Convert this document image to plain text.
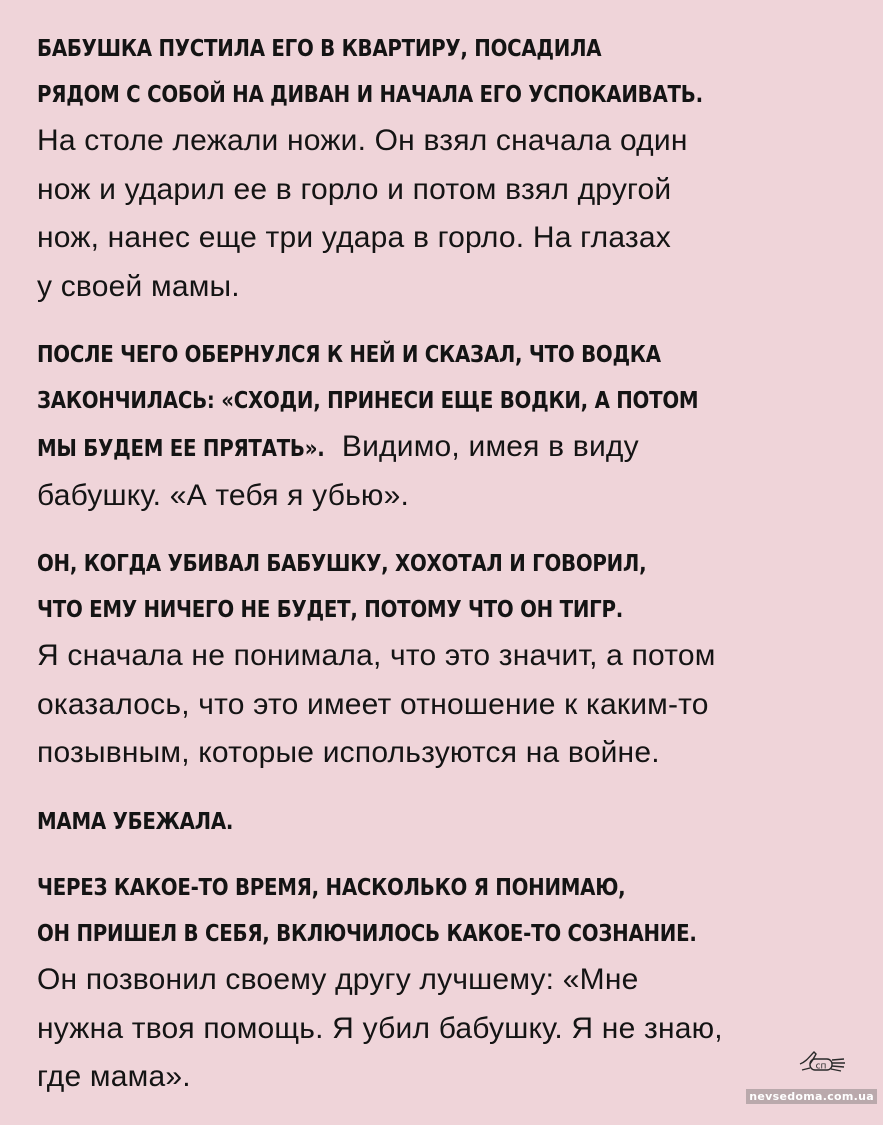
БАБУШКА ПУСТИЛА ЕГО В КВАРТИРУ, ПОСАДИЛА
РЯДОМ С СОБОЙ НА ДИВАН И НАЧАЛА ЕГО УСПОКАИВАТЬ.
На столе лежали ножи. Он взял сначала один
нож и ударил ее в горло и потом взял другой
нож, нанес еще три удара в горло. На глазах
у своей мамы.
ПОСЛЕ ЧЕГО ОБЕРНУЛСЯ К НЕЙ И СКАЗАЛ, ЧТО ВОДКА
ЗАКОНЧИЛАСЬ: «СХОДИ, ПРИНЕСИ ЕЩЕ ВОДКИ, А ПОТОМ
МЫ БУДЕМ ЕЕ ПРЯТАТЬ». Видимо, имея в виду
бабушку. «А тебя я убью».
ОН, КОГДА УБИВАЛ БАБУШКУ, ХОХОТАЛ И ГОВОРИЛ,
ЧТО ЕМУ НИЧЕГО НЕ БУДЕТ, ПОТОМУ ЧТО ОН ТИГР.
Я сначала не понимала, что это значит, а потом
оказалось, что это имеет отношение к каким-то
позывным, которые используются на войне.
МАМА УБЕЖАЛА.
ЧЕРЕЗ КАКОЕ-ТО ВРЕМЯ, НАСКОЛЬКО Я ПОНИМАЮ,
ОН ПРИШЕЛ В СЕБЯ, ВКЛЮЧИЛОСЬ КАКОЕ-ТО СОЗНАНИЕ.
Он позвонил своему другу лучшему: «Мне
нужна твоя помощь. Я убил бабушку. Я не знаю,
где мама».	сп
nevsedoma.com.ua
